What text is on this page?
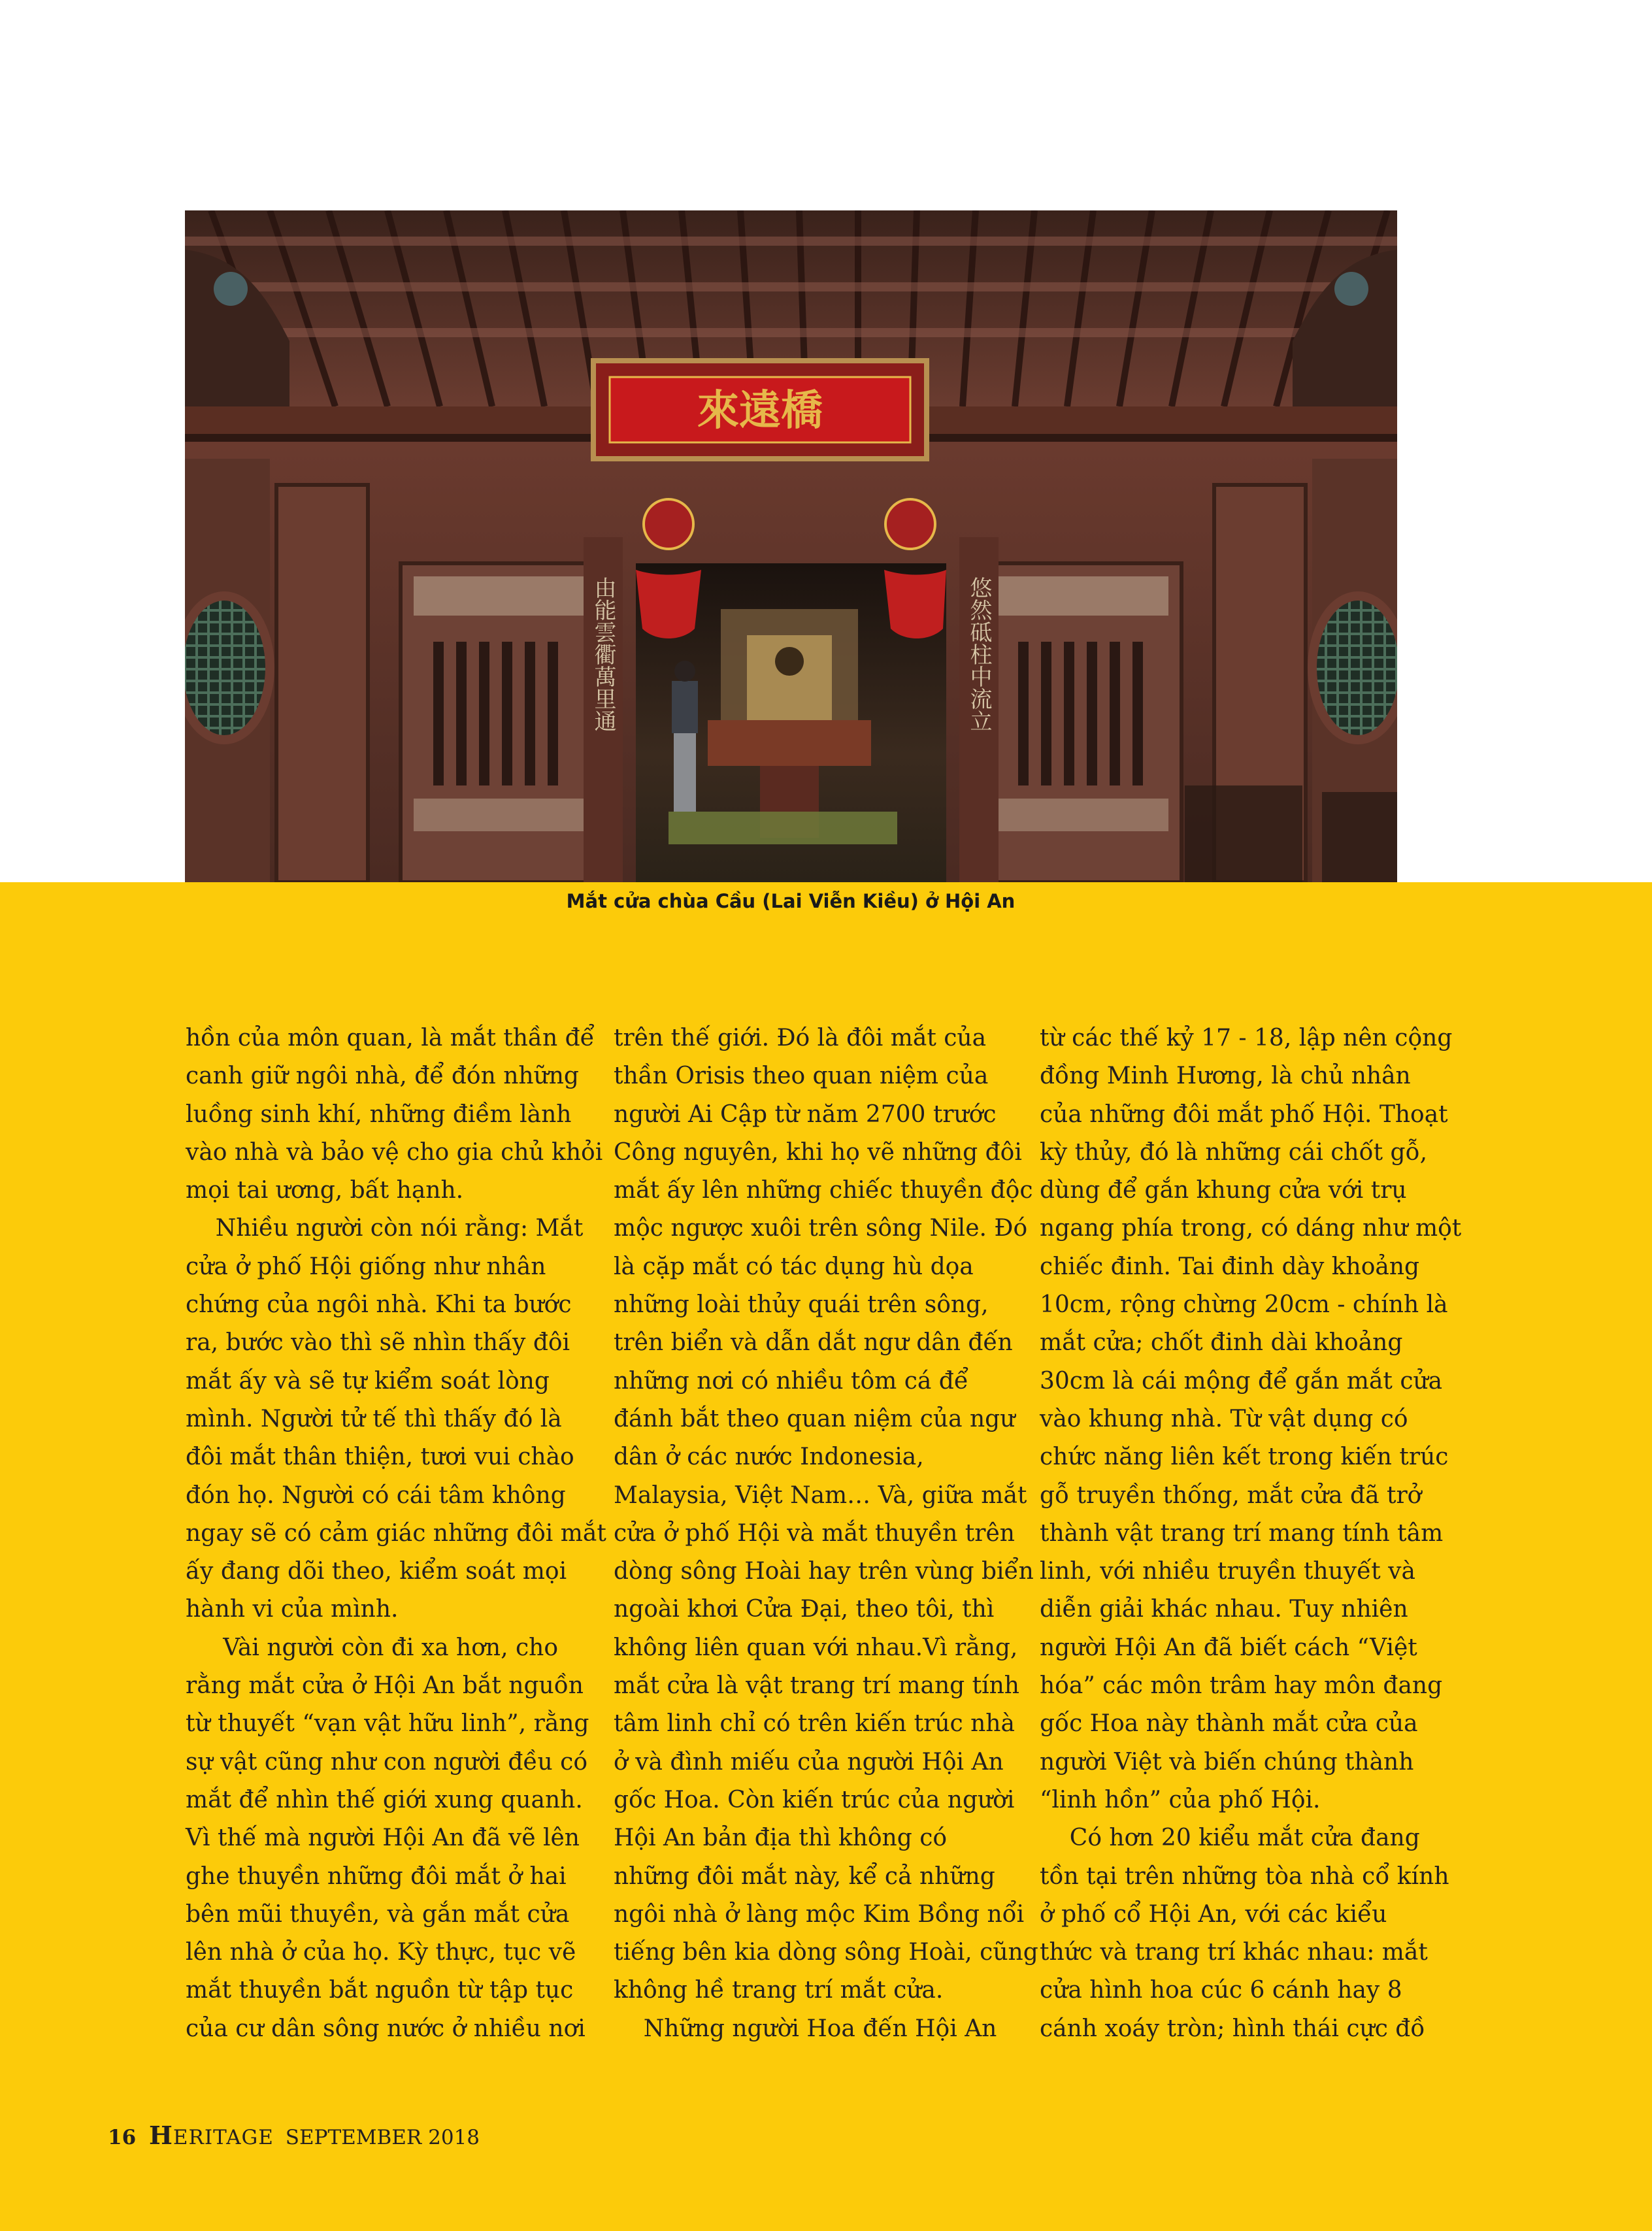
來遠橋
由能雲衢萬里通	悠然砥柱中流立
Mắt cửa chùa Cầu (Lai Viễn Kiều) ở Hội An

hồn của môn quan, là mắt thần để

canh giữ ngôi nhà, để đón những

luồng sinh khí, những điềm lành

vào nhà và bảo vệ cho gia chủ khỏi

mọi tai ương, bất hạnh.

Nhiều người còn nói rằng: Mắt

cửa ở phố Hội giống như nhân

chứng của ngôi nhà. Khi ta bước

ra, bước vào thì sẽ nhìn thấy đôi

mắt ấy và sẽ tự kiểm soát lòng

mình. Người tử tế thì thấy đó là

đôi mắt thân thiện, tươi vui chào

đón họ. Người có cái tâm không

ngay sẽ có cảm giác những đôi mắt

ấy đang dõi theo, kiểm soát mọi

hành vi của mình.

Vài người còn đi xa hơn, cho

rằng mắt cửa ở Hội An bắt nguồn

từ thuyết “vạn vật hữu linh”, rằng

sự vật cũng như con người đều có

mắt để nhìn thế giới xung quanh.

Vì thế mà người Hội An đã vẽ lên

ghe thuyền những đôi mắt ở hai

bên mũi thuyền, và gắn mắt cửa

lên nhà ở của họ. Kỳ thực, tục vẽ

mắt thuyền bắt nguồn từ tập tục

của cư dân sông nước ở nhiều nơi

trên thế giới. Đó là đôi mắt của

thần Orisis theo quan niệm của

người Ai Cập từ năm 2700 trước

Công nguyên, khi họ vẽ những đôi

mắt ấy lên những chiếc thuyền độc

mộc ngược xuôi trên sông Nile. Đó

là cặp mắt có tác dụng hù dọa

những loài thủy quái trên sông,

trên biển và dẫn dắt ngư dân đến

những nơi có nhiều tôm cá để

đánh bắt theo quan niệm của ngư

dân ở các nước Indonesia,

Malaysia, Việt Nam… Và, giữa mắt

cửa ở phố Hội và mắt thuyền trên

dòng sông Hoài hay trên vùng biển

ngoài khơi Cửa Đại, theo tôi, thì

không liên quan với nhau.Vì rằng,

mắt cửa là vật trang trí mang tính

tâm linh chỉ có trên kiến trúc nhà

ở và đình miếu của người Hội An

gốc Hoa. Còn kiến trúc của người

Hội An bản địa thì không có

những đôi mắt này, kể cả những

ngôi nhà ở làng mộc Kim Bồng nổi

tiếng bên kia dòng sông Hoài, cũng

không hề trang trí mắt cửa.

Những người Hoa đến Hội An

từ các thế kỷ 17 - 18, lập nên cộng

đồng Minh Hương, là chủ nhân

của những đôi mắt phố Hội. Thoạt

kỳ thủy, đó là những cái chốt gỗ,

dùng để gắn khung cửa với trụ

ngang phía trong, có dáng như một

chiếc đinh. Tai đinh dày khoảng

10cm, rộng chừng 20cm - chính là

mắt cửa; chốt đinh dài khoảng

30cm là cái mộng để gắn mắt cửa

vào khung nhà. Từ vật dụng có

chức năng liên kết trong kiến trúc

gỗ truyền thống, mắt cửa đã trở

thành vật trang trí mang tính tâm

linh, với nhiều truyền thuyết và

diễn giải khác nhau. Tuy nhiên

người Hội An đã biết cách “Việt

hóa” các môn trâm hay môn đang

gốc Hoa này thành mắt cửa của

người Việt và biến chúng thành

“linh hồn” của phố Hội.

Có hơn 20 kiểu mắt cửa đang

tồn tại trên những tòa nhà cổ kính

ở phố cổ Hội An, với các kiểu

thức và trang trí khác nhau: mắt

cửa hình hoa cúc 6 cánh hay 8

cánh xoáy tròn; hình thái cực đồ

16 HERITAGE SEPTEMBER 2018
